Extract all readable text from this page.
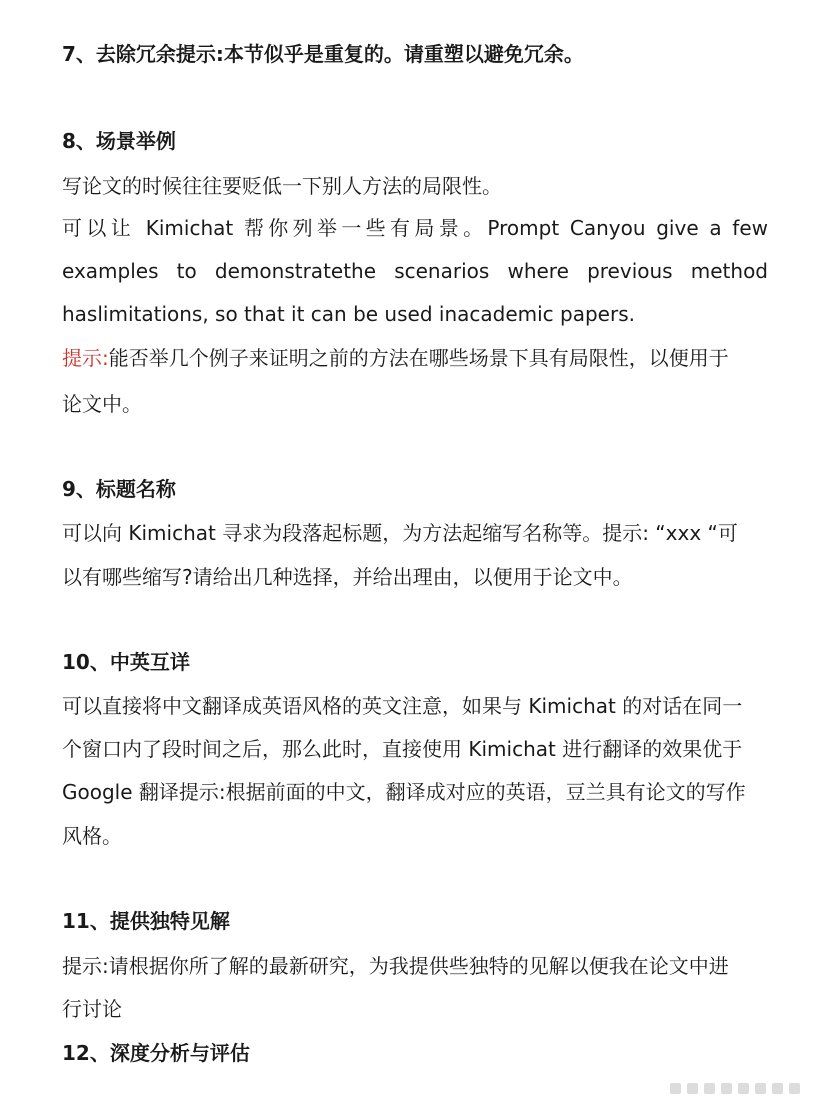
7、去除冗余提示:本节似乎是重复的。请重塑以避免冗余。
8、场景举例
写论文的时候往往要贬低一下别人方法的局限性。
可以让 Kimichat 帮你列举一些有局景。Prompt Canyou give a few
examples to demonstratethe scenarios where previous method
haslimitations, so that it can be used inacademic papers.
提示:能否举几个例子来证明之前的方法在哪些场景下具有局限性，以便用于
论文中。
9、标题名称
可以向 Kimichat 寻求为段落起标题，为方法起缩写名称等。提示: “xxx “可
以有哪些缩写?请给出几种选择，并给出理由，以便用于论文中。
10、中英互详
可以直接将中文翻译成英语风格的英文注意，如果与 Kimichat 的对话在同一
个窗口内了段时间之后，那么此时，直接使用 Kimichat 进行翻译的效果优于
Google 翻译提示:根据前面的中文，翻译成对应的英语，豆兰具有论文的写作
风格。
11、提供独特见解
提示:请根据你所了解的最新研究，为我提供些独特的见解以便我在论文中进
行讨论
12、深度分析与评估
